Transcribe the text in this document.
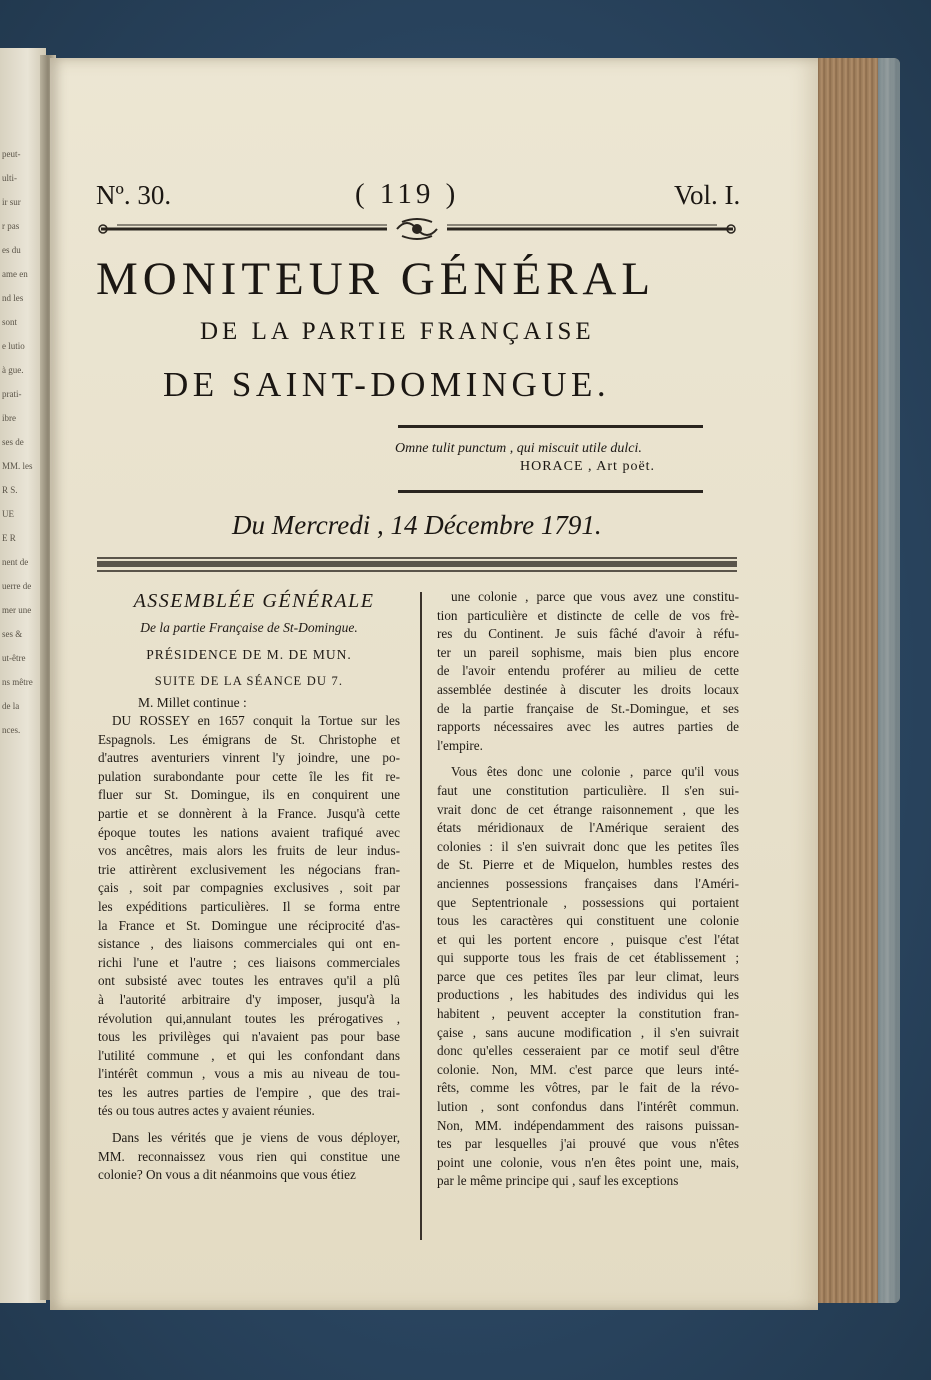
peut-
ulti-
ir sur
r pas
es du
ame en
nd les
sont
e lutio
à gue.
prati-
ibre
ses de
MM. les
R S.
UE
E R
nent de
uerre de
mer une
ses &
ut-être
ns mêtre
de la
nces.
Nº. 30.	( 119 )	Vol. I.
MONITEUR GÉNÉRAL
DE LA PARTIE FRANÇAISE
DE SAINT-DOMINGUE.
Omne tulit punctum , qui miscuit utile dulci.
HORACE , Art poët.
Du Mercredi , 14 Décembre 1791.
ASSEMBLÉE GÉNÉRALE
De la partie Française de St-Domingue.
PRÉSIDENCE DE M. DE MUN.
SUITE DE LA SÉANCE DU 7.
M. Millet continue :
DU ROSSEY en 1657 conquit la Tortue sur les
Espagnols. Les émigrans de St. Christophe et
d'autres aventuriers vinrent l'y joindre, une po-
pulation surabondante pour cette île les fit re-
fluer sur St. Domingue, ils en conquirent une
partie et se donnèrent à la France. Jusqu'à cette
époque toutes les nations avaient trafiqué avec
vos ancêtres, mais alors les fruits de leur indus-
trie attirèrent exclusivement les négocians fran-
çais , soit par compagnies exclusives , soit par
les expéditions particulières. Il se forma entre
la France et St. Domingue une réciprocité d'as-
sistance , des liaisons commerciales qui ont en-
richi l'une et l'autre ; ces liaisons commerciales
ont subsisté avec toutes les entraves qu'il a plû
à l'autorité arbitraire d'y imposer, jusqu'à la
révolution qui,annulant toutes les prérogatives ,
tous les privilèges qui n'avaient pas pour base
l'utilité commune , et qui les confondant dans
l'intérêt commun , vous a mis au niveau de tou-
tes les autres parties de l'empire , que des trai-
tés ou tous autres actes y avaient réunies.
Dans les vérités que je viens de vous déployer,
MM. reconnaissez vous rien qui constitue une
colonie? On vous a dit néanmoins que vous étiez
une colonie , parce que vous avez une constitu-
tion particulière et distincte de celle de vos frè-
res du Continent. Je suis fâché d'avoir à réfu-
ter un pareil sophisme, mais bien plus encore
de l'avoir entendu proférer au milieu de cette
assemblée destinée à discuter les droits locaux
de la partie française de St.-Domingue, et ses
rapports nécessaires avec les autres parties de
l'empire.
Vous êtes donc une colonie , parce qu'il vous
faut une constitution particulière. Il s'en sui-
vrait donc de cet étrange raisonnement , que les
états méridionaux de l'Amérique seraient des
colonies : il s'en suivrait donc que les petites îles
de St. Pierre et de Miquelon, humbles restes des
anciennes possessions françaises dans l'Améri-
que Septentrionale , possessions qui portaient
tous les caractères qui constituent une colonie
et qui les portent encore , puisque c'est l'état
qui supporte tous les frais de cet établissement ;
parce que ces petites îles par leur climat, leurs
productions , les habitudes des individus qui les
habitent , peuvent accepter la constitution fran-
çaise , sans aucune modification , il s'en suivrait
donc qu'elles cesseraient par ce motif seul d'être
colonie. Non, MM. c'est parce que leurs inté-
rêts, comme les vôtres, par le fait de la révo-
lution , sont confondus dans l'intérêt commun.
Non, MM. indépendamment des raisons puissan-
tes par lesquelles j'ai prouvé que vous n'êtes
point une colonie, vous n'en êtes point une, mais,
par le même principe qui , sauf les exceptions
